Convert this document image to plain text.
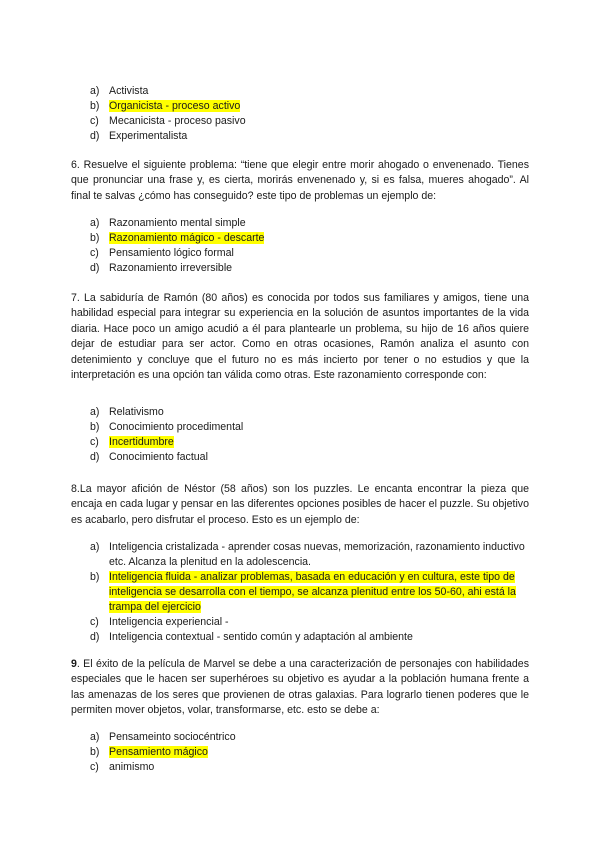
a) Activista
b) Organicista - proceso activo
c) Mecanicista - proceso pasivo
d) Experimentalista

6. Resuelve el siguiente problema: “tiene que elegir entre morir ahogado o envenenado. Tienes que pronunciar una frase y, es cierta, morirás envenenado y, si es falsa, mueres ahogado”. Al final te salvas ¿cómo has conseguido? este tipo de problemas un ejemplo de:

a) Razonamiento mental simple
b) Razonamiento mágico - descarte
c) Pensamiento lógico formal
d) Razonamiento irreversible

7. La sabiduría de Ramón (80 años) es conocida por todos sus familiares y amigos, tiene una habilidad especial para integrar su experiencia en la solución de asuntos importantes de la vida diaria. Hace poco un amigo acudió a él para plantearle un problema, su hijo de 16 años quiere dejar de estudiar para ser actor. Como en otras ocasiones, Ramón analiza el asunto con detenimiento y concluye que el futuro no es más incierto por tener o no estudios y que la interpretación es una opción tan válida como otras. Este razonamiento corresponde con:

a) Relativismo
b) Conocimiento procedimental
c) Incertidumbre
d) Conocimiento factual

8.La mayor afición de Néstor (58 años) son los puzzles. Le encanta encontrar la pieza que encaja en cada lugar y pensar en las diferentes opciones posibles de hacer el puzzle. Su objetivo es acabarlo, pero disfrutar el proceso. Esto es un ejemplo de:

a) Inteligencia cristalizada - aprender cosas nuevas, memorización, razonamiento inductivo etc. Alcanza la plenitud en la adolescencia.
b) Inteligencia fluida - analizar problemas, basada en educación y en cultura, este tipo de inteligencia se desarrolla con el tiempo, se alcanza plenitud entre los 50-60, ahi está la trampa del ejercicio
c) Inteligencia experiencial -
d) Inteligencia contextual - sentido común y adaptación al ambiente

9. El éxito de la película de Marvel se debe a una caracterización de personajes con habilidades especiales que le hacen ser superhéroes su objetivo es ayudar a la población humana frente a las amenazas de los seres que provienen de otras galaxias. Para lograrlo tienen poderes que le permiten mover objetos, volar, transformarse, etc. esto se debe a:

a) Pensameinto sociocéntrico
b) Pensamiento mágico
c) animismo
